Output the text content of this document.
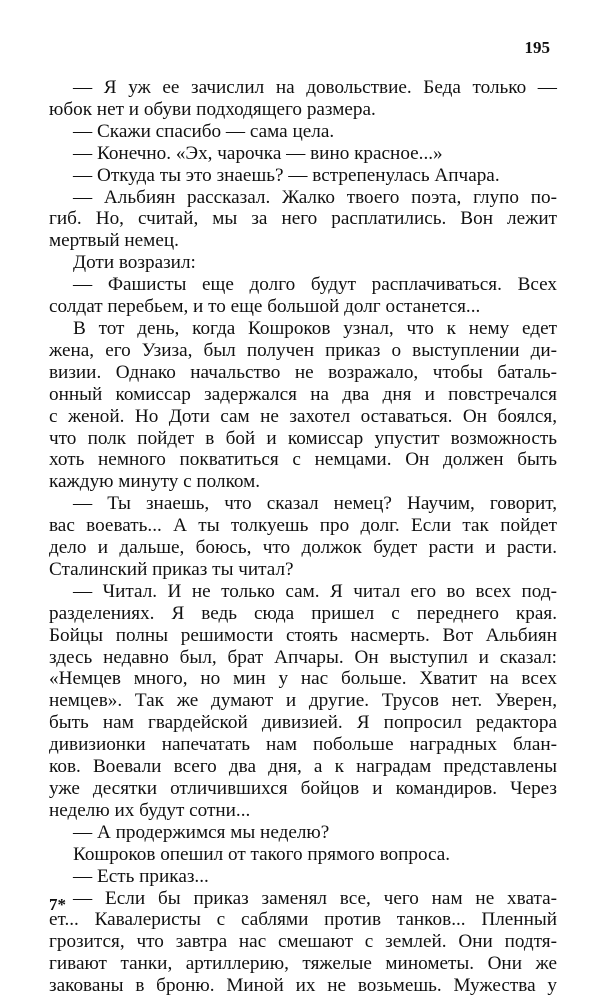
195
— Я уж ее зачислил на довольствие. Беда только —
юбок нет и обуви подходящего размера.
— Скажи спасибо — сама цела.
— Конечно. «Эх, чарочка — вино красное...»
— Откуда ты это знаешь? — встрепенулась Апчара.
— Альбиян рассказал. Жалко твоего поэта, глупо по-
гиб. Но, считай, мы за него расплатились. Вон лежит
мертвый немец.
Доти возразил:
— Фашисты еще долго будут расплачиваться. Всех
солдат перебьем, и то еще большой долг останется...
В тот день, когда Кошроков узнал, что к нему едет
жена, его Узиза, был получен приказ о выступлении ди-
визии. Однако начальство не возражало, чтобы баталь-
онный комиссар задержался на два дня и повстречался
с женой. Но Доти сам не захотел оставаться. Он боялся,
что полк пойдет в бой и комиссар упустит возможность
хоть немного покватиться с немцами. Он должен быть
каждую минуту с полком.
— Ты знаешь, что сказал немец? Научим, говорит,
вас воевать... А ты толкуешь про долг. Если так пойдет
дело и дальше, боюсь, что должок будет расти и расти.
Сталинский приказ ты читал?
— Читал. И не только сам. Я читал его во всех под-
разделениях. Я ведь сюда пришел с переднего края.
Бойцы полны решимости стоять насмерть. Вот Альбиян
здесь недавно был, брат Апчары. Он выступил и сказал:
«Немцев много, но мин у нас больше. Хватит на всех
немцев». Так же думают и другие. Трусов нет. Уверен,
быть нам гвардейской дивизией. Я попросил редактора
дивизионки напечатать нам побольше наградных блан-
ков. Воевали всего два дня, а к наградам представлены
уже десятки отличившихся бойцов и командиров. Через
неделю их будут сотни...
— А продержимся мы неделю?
Кошроков опешил от такого прямого вопроса.
— Есть приказ...
— Если бы приказ заменял все, чего нам не хвата-
ет... Кавалеристы с саблями против танков... Пленный
грозится, что завтра нас смешают с землей. Они подтя-
гивают танки, артиллерию, тяжелые минометы. Они же
закованы в броню. Миной их не возьмешь. Мужества у
7*
